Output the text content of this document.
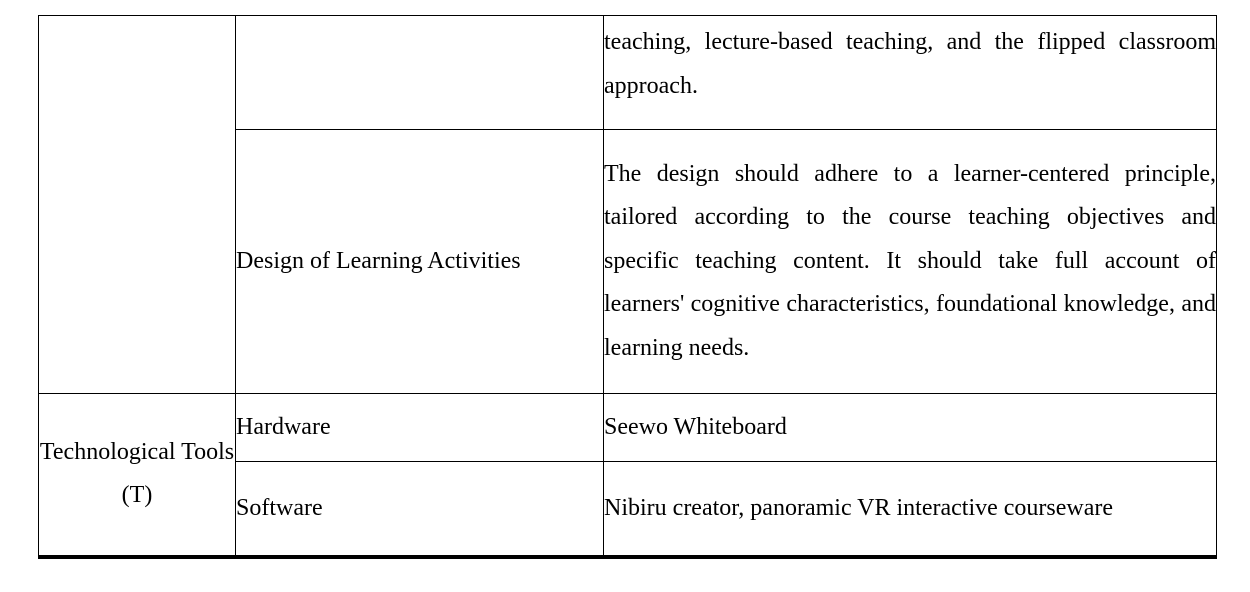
		teaching, lecture-based teaching, and the flipped classroom approach.
	Design of Learning Activities	The design should adhere to a learner-centered principle, tailored according to the course teaching objectives and specific teaching content. It should take full account of learners' cognitive characteristics, foundational knowledge, and learning needs.
Technological Tools (T)	Hardware	Seewo Whiteboard
	Software	Nibiru creator, panoramic VR interactive courseware
